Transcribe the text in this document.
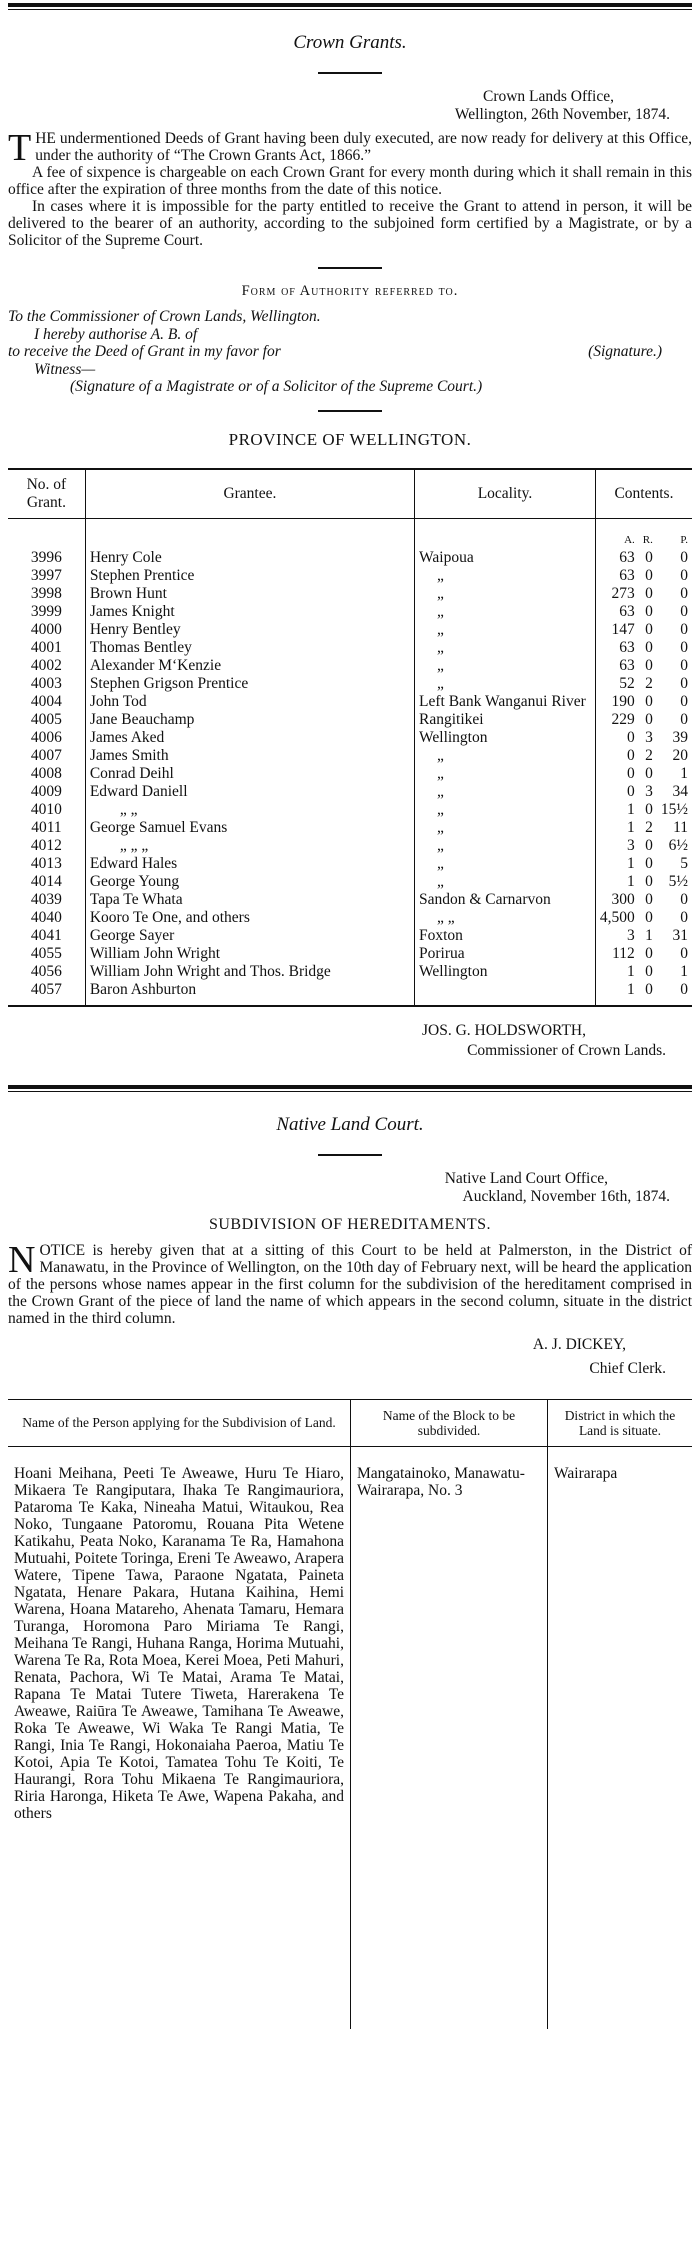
Crown Grants.
Crown Lands Office,
Wellington, 26th November, 1874.

THE undermentioned Deeds of Grant having been duly executed, are now ready for delivery at this Office, under the authority of “The Crown Grants Act, 1866.”

A fee of sixpence is chargeable on each Crown Grant for every month during which it shall remain in this office after the expiration of three months from the date of this notice.

In cases where it is impossible for the party entitled to receive the Grant to attend in person, it will be delivered to the bearer of an authority, according to the subjoined form certified by a Magistrate, or by a Solicitor of the Supreme Court.

Form of Authority referred to.
To the Commissioner of Crown Lands, Wellington.
I hereby authorise A. B. of
to receive the Deed of Grant in my favor for	(Signature.)
Witness—
(Signature of a Magistrate or of a Solicitor of the Supreme Court.)
PROVINCE OF WELLINGTON.
No. of Grant.	Grantee.	Locality.	Contents.		
			A.	R.	P.
3996	Henry Cole	Waipoua	63	0	0
3997	Stephen Prentice	„	63	0	0
3998	Brown Hunt	„	273	0	0
3999	James Knight	„	63	0	0
4000	Henry Bentley	„	147	0	0
4001	Thomas Bentley	„	63	0	0
4002	Alexander M‘Kenzie	„	63	0	0
4003	Stephen Grigson Prentice	„	52	2	0
4004	John Tod	Left Bank Wanganui River	190	0	0
4005	Jane Beauchamp	Rangitikei	229	0	0
4006	James Aked	Wellington	0	3	39
4007	James Smith	„	0	2	20
4008	Conrad Deihl	„	0	0	1
4009	Edward Daniell	„	0	3	34
4010	„ „	„	1	0	15½
4011	George Samuel Evans	„	1	2	11
4012	„ „ „	„	3	0	6½
4013	Edward Hales	„	1	0	5
4014	George Young	„	1	0	5½
4039	Tapa Te Whata	Sandon & Carnarvon	300	0	0
4040	Kooro Te One, and others	„ „	4,500	0	0
4041	George Sayer	Foxton	3	1	31
4055	William John Wright	Porirua	112	0	0
4056	William John Wright and Thos. Bridge	Wellington	1	0	1
4057	Baron Ashburton		1	0	0
JOS. G. HOLDSWORTH,
Commissioner of Crown Lands.
Native Land Court.
Native Land Court Office,
Auckland, November 16th, 1874.
SUBDIVISION OF HEREDITAMENTS.

NOTICE is hereby given that at a sitting of this Court to be held at Palmerston, in the District of Manawatu, in the Province of Wellington, on the 10th day of February next, will be heard the application of the persons whose names appear in the first column for the subdivision of the hereditament comprised in the Crown Grant of the piece of land the name of which appears in the second column, situate in the district named in the third column.

A. J. DICKEY,
Chief Clerk.
Name of the Person applying for the Subdivision of Land.	Name of the Block to be subdivided.	District in which the Land is situate.
Hoani Meihana, Peeti Te Aweawe, Huru Te Hiaro, Mikaera Te Rangiputara, Ihaka Te Rangimauriora, Pataroma Te Kaka, Nineaha Matui, Witaukou, Rea Noko, Tungaane Patoromu, Rouana Pita Wetene Katikahu, Peata Noko, Karanama Te Ra, Hamahona Mutuahi, Poitete Toringa, Ereni Te Aweawo, Arapera Watere, Tipene Tawa, Paraone Ngatata, Paineta Ngatata, Henare Pakara, Hutana Kaihina, Hemi Warena, Hoana Matareho, Ahenata Tamaru, Hemara Turanga, Horomona Paro Miriama Te Rangi, Meihana Te Rangi, Huhana Ranga, Horima Mutuahi, Warena Te Ra, Rota Moea, Kerei Moea, Peti Mahuri, Renata, Pachora, Wi Te Matai, Arama Te Matai, Rapana Te Matai Tutere Tiweta, Harerakena Te Aweawe, Raiūra Te Aweawe, Tamihana Te Aweawe, Roka Te Aweawe, Wi Waka Te Rangi Matia, Te Rangi, Inia Te Rangi, Hokonaiaha Paeroa, Matiu Te Kotoi, Apia Te Kotoi, Tamatea Tohu Te Koiti, Te Haurangi, Rora Tohu Mikaena Te Rangimauriora, Riria Haronga, Hiketa Te Awe, Wapena Pakaha, and others	Mangatainoko, Manawatu-Wairarapa, No. 3	Wairarapa
